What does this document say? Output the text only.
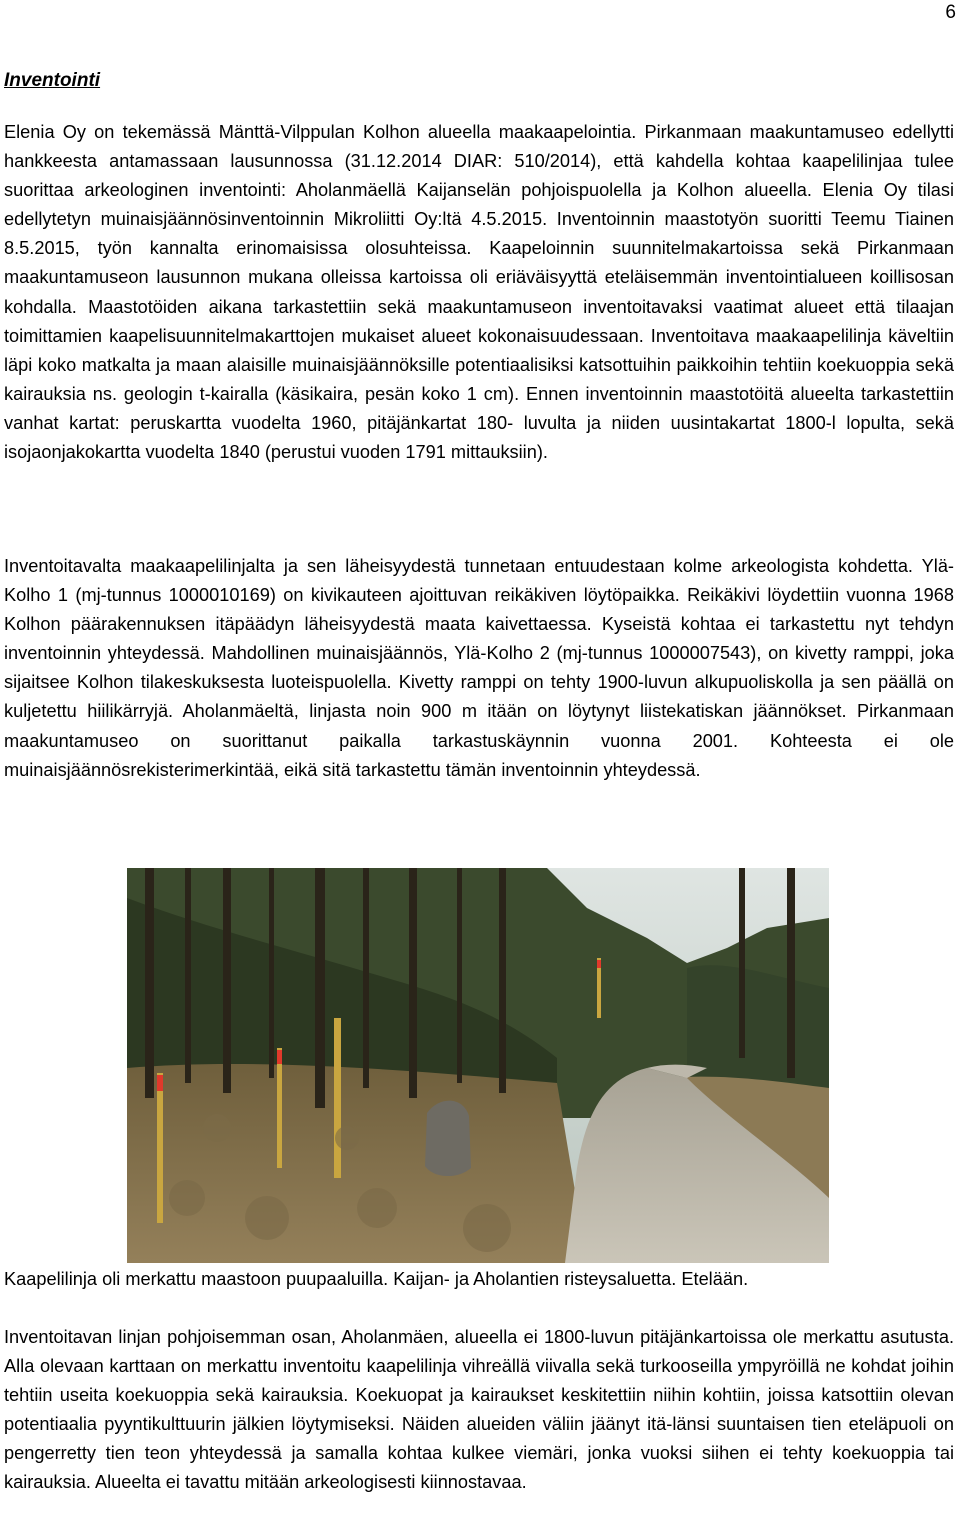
6
Inventointi

Elenia Oy on tekemässä Mänttä-Vilppulan Kolhon alueella maakaapelointia. Pirkanmaan maakuntamuseo edellytti hankkeesta antamassaan lausunnossa (31.12.2014 DIAR: 510/2014), että kahdella kohtaa kaapelilinjaa tulee suorittaa arkeologinen inventointi: Aholanmäellä Kaijanselän pohjoispuolella ja Kolhon alueella. Elenia Oy tilasi edellytetyn muinaisjäännösinventoinnin Mikroliitti Oy:ltä 4.5.2015. Inventoinnin maastotyön suoritti Teemu Tiainen 8.5.2015, työn kannalta erinomaisissa olosuhteissa. Kaapeloinnin suunnitelmakartoissa sekä Pirkanmaan maakuntamuseon lausunnon mukana olleissa kartoissa oli eriäväisyyttä eteläisemmän inventointialueen koillisosan kohdalla. Maastotöiden aikana tarkastettiin sekä maakuntamuseon inventoitavaksi vaatimat alueet että tilaajan toimittamien kaapelisuunnitelmakarttojen mukaiset alueet kokonaisuudessaan. Inventoitava maakaapelilinja käveltiin läpi koko matkalta ja maan alaisille muinaisjäännöksille potentiaalisiksi katsottuihin paikkoihin tehtiin koekuoppia sekä kairauksia ns. geologin t-kairalla (käsikaira, pesän koko 1 cm). Ennen inventoinnin maastotöitä alueelta tarkastettiin vanhat kartat: peruskartta vuodelta 1960, pitäjänkartat 180- luvulta ja niiden uusintakartat 1800-l lopulta, sekä isojaonjakokartta vuodelta 1840 (perustui vuoden 1791 mittauksiin).

Inventoitavalta maakaapelilinjalta ja sen läheisyydestä tunnetaan entuudestaan kolme arkeologista kohdetta. Ylä-Kolho 1 (mj-tunnus 1000010169) on kivikauteen ajoittuvan reikäkiven löytöpaikka. Reikäkivi löydettiin vuonna 1968 Kolhon päärakennuksen itäpäädyn läheisyydestä maata kaivettaessa. Kyseistä kohtaa ei tarkastettu nyt tehdyn inventoinnin yhteydessä. Mahdollinen muinaisjäännös, Ylä-Kolho 2 (mj-tunnus 1000007543), on kivetty ramppi, joka sijaitsee Kolhon tilakeskuksesta luoteispuolella. Kivetty ramppi on tehty 1900-luvun alkupuoliskolla ja sen päällä on kuljetettu hiilikärryjä. Aholanmäeltä, linjasta noin 900 m itään on löytynyt liistekatiskan jäännökset. Pirkanmaan maakuntamuseo on suorittanut paikalla tarkastuskäynnin vuonna 2001. Kohteesta ei ole muinaisjäännösrekisterimerkintää, eikä sitä tarkastettu tämän inventoinnin yhteydessä.

Kaapelilinja oli merkattu maastoon puupaaluilla. Kaijan- ja Aholantien risteysaluetta. Etelään.

Inventoitavan linjan pohjoisemman osan, Aholanmäen, alueella ei 1800-luvun pitäjänkartoissa ole merkattu asutusta. Alla olevaan karttaan on merkattu inventoitu kaapelilinja vihreällä viivalla sekä turkooseilla ympyröillä ne kohdat joihin tehtiin useita koekuoppia sekä kairauksia. Koekuopat ja kairaukset keskitettiin niihin kohtiin, joissa katsottiin olevan potentiaalia pyyntikulttuurin jälkien löytymiseksi. Näiden alueiden väliin jäänyt itä-länsi suuntaisen tien eteläpuoli on pengerretty tien teon yhteydessä ja samalla kohtaa kulkee viemäri, jonka vuoksi siihen ei tehty koekuoppia tai kairauksia. Alueelta ei tavattu mitään arkeologisesti kiinnostavaa.
